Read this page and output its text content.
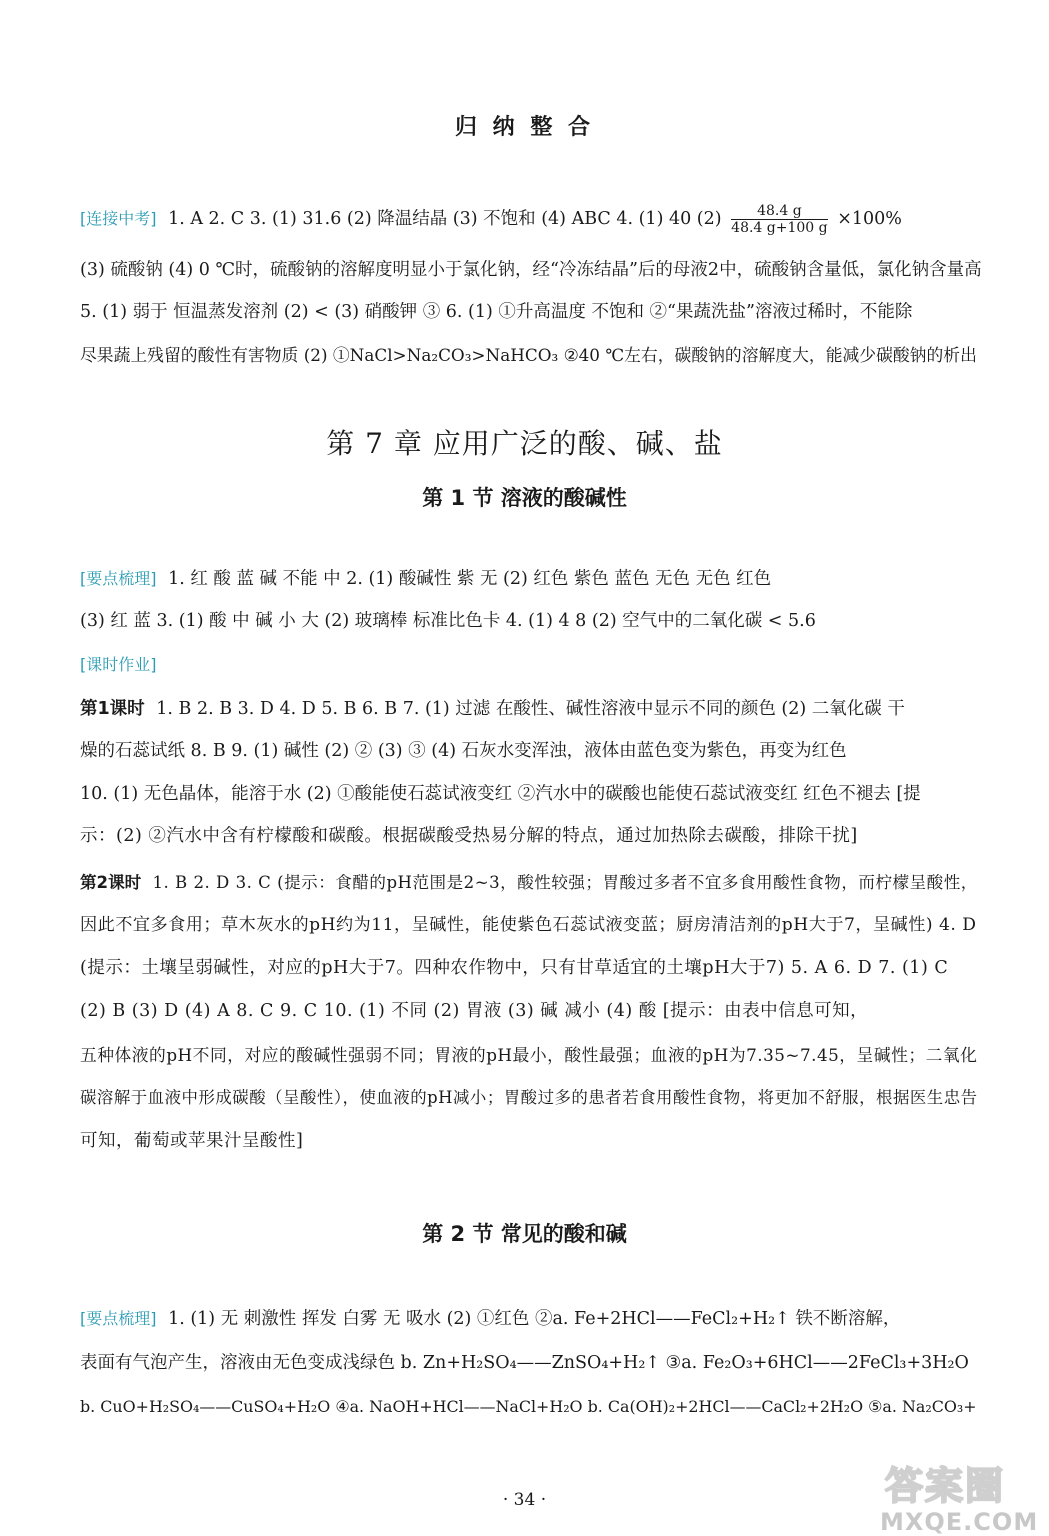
归 纳 整 合
[连接中考] 1. A 2. C 3. (1) 31.6 (2) 降温结晶 (3) 不饱和 (4) ABC 4. (1) 40 $(2) \frac{48.4 g}{48.4 g+100 g} \times 100\%$
(3) 硫酸钠 (4) 0 ℃时，硫酸钠的溶解度明显小于氯化钠，经“冷冻结晶”后的母液2中，硫酸钠含量低，氯化钠含量高
5. (1) 弱于 恒温蒸发溶剂 (2) < (3) 硝酸钾 ③ 6. (1) ①升高温度 不饱和 ②“果蔬洗盐”溶液过稀时，不能除
尽果蔬上残留的酸性有害物质 (2) ①NaCl>Na₂CO₃>NaHCO₃ ②40 ℃左右，碳酸钠的溶解度大，能减少碳酸钠的析出
第 7 章 应用广泛的酸、碱、盐
第 1 节 溶液的酸碱性
[要点梳理] 1. 红 酸 蓝 碱 不能 中 2. (1) 酸碱性 紫 无 (2) 红色 紫色 蓝色 无色 无色 红色
(3) 红 蓝 3. (1) 酸 中 碱 小 大 (2) 玻璃棒 标准比色卡 4. (1) 4 8 (2) 空气中的二氧化碳 < 5.6
[课时作业]
第1课时 1. B 2. B 3. D 4. D 5. B 6. B 7. (1) 过滤 在酸性、碱性溶液中显示不同的颜色 (2) 二氧化碳 干
燥的石蕊试纸 8. B 9. (1) 碱性 (2) ② (3) ③ (4) 石灰水变浑浊，液体由蓝色变为紫色，再变为红色
10. (1) 无色晶体，能溶于水 (2) ①酸能使石蕊试液变红 ②汽水中的碳酸也能使石蕊试液变红 红色不褪去 [提
示：(2) ②汽水中含有柠檬酸和碳酸。根据碳酸受热易分解的特点，通过加热除去碳酸，排除干扰]
第2课时 1. B 2. D 3. C (提示：食醋的pH范围是2~3，酸性较强；胃酸过多者不宜多食用酸性食物，而柠檬呈酸性，
因此不宜多食用；草木灰水的pH约为11，呈碱性，能使紫色石蕊试液变蓝；厨房清洁剂的pH大于7，呈碱性) 4. D
(提示：土壤呈弱碱性，对应的pH大于7。四种农作物中，只有甘草适宜的土壤pH大于7) 5. A 6. D 7. (1) C
(2) B (3) D (4) A 8. C 9. C 10. (1) 不同 (2) 胃液 (3) 碱 减小 (4) 酸 [提示：由表中信息可知，
五种体液的pH不同，对应的酸碱性强弱不同；胃液的pH最小，酸性最强；血液的pH为7.35~7.45，呈碱性；二氧化
碳溶解于血液中形成碳酸（呈酸性），使血液的pH减小；胃酸过多的患者若食用酸性食物，将更加不舒服，根据医生忠告
可知，葡萄或苹果汁呈酸性]
第 2 节 常见的酸和碱
[要点梳理] 1. (1) 无 刺激性 挥发 白雾 无 吸水 (2) ①红色 ②a. Fe+2HCl——FeCl₂+H₂↑ 铁不断溶解，
表面有气泡产生，溶液由无色变成浅绿色 b. Zn+H₂SO₄——ZnSO₄+H₂↑ ③a. Fe₂O₃+6HCl——2FeCl₃+3H₂O
b. CuO+H₂SO₄——CuSO₄+H₂O ④a. NaOH+HCl——NaCl+H₂O b. Ca(OH)₂+2HCl——CaCl₂+2H₂O ⑤a. Na₂CO₃+
· 34 ·	答案圈
MXQE.COM
